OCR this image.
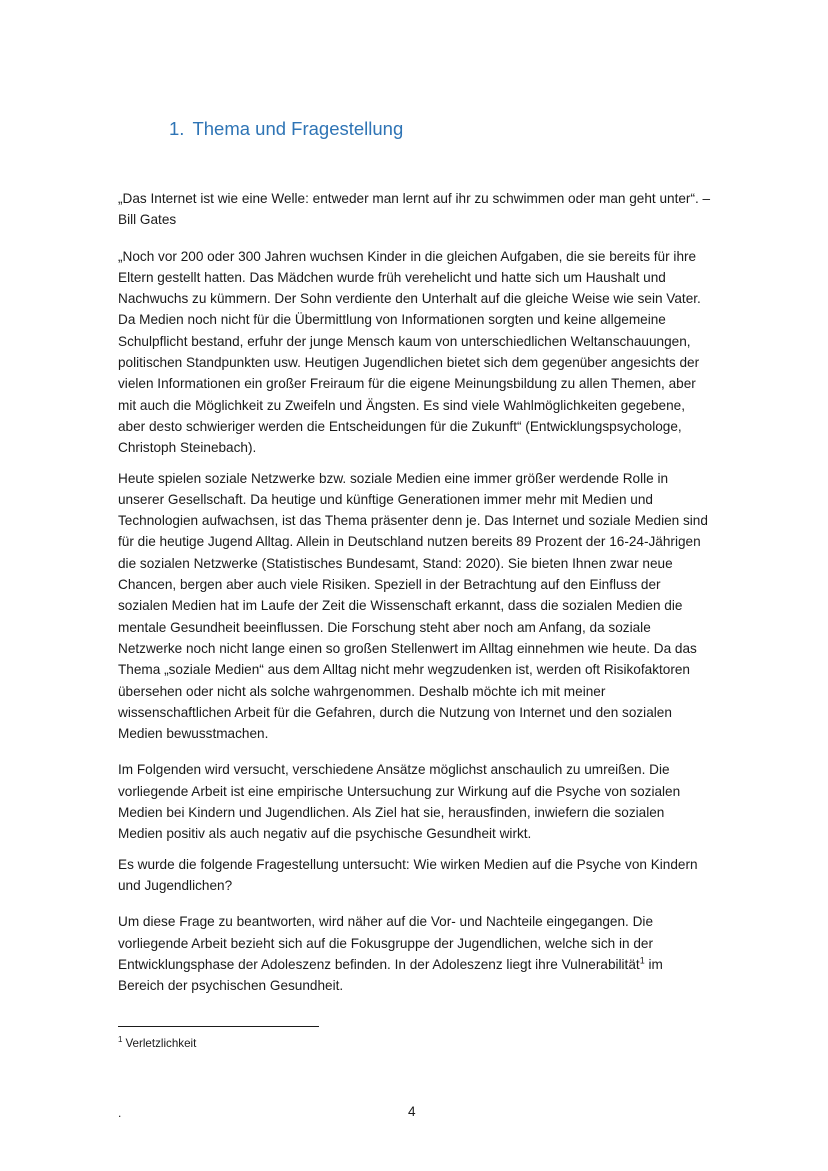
1. Thema und Fragestellung

„Das Internet ist wie eine Welle: entweder man lernt auf ihr zu schwimmen oder man geht unter“. – Bill Gates

„Noch vor 200 oder 300 Jahren wuchsen Kinder in die gleichen Aufgaben, die sie bereits für ihre Eltern gestellt hatten. Das Mädchen wurde früh verehelicht und hatte sich um Haushalt und Nachwuchs zu kümmern. Der Sohn verdiente den Unterhalt auf die gleiche Weise wie sein Vater. Da Medien noch nicht für die Übermittlung von Informationen sorgten und keine allgemeine Schulpflicht bestand, erfuhr der junge Mensch kaum von unterschiedlichen Weltanschauungen, politischen Standpunkten usw. Heutigen Jugendlichen bietet sich dem gegenüber angesichts der vielen Informationen ein großer Freiraum für die eigene Meinungsbildung zu allen Themen, aber mit auch die Möglichkeit zu Zweifeln und Ängsten. Es sind viele Wahlmöglichkeiten gegebene, aber desto schwieriger werden die Entscheidungen für die Zukunft“ (Entwicklungspsychologe, Christoph Steinebach).

Heute spielen soziale Netzwerke bzw. soziale Medien eine immer größer werdende Rolle in unserer Gesellschaft. Da heutige und künftige Generationen immer mehr mit Medien und Technologien aufwachsen, ist das Thema präsenter denn je. Das Internet und soziale Medien sind für die heutige Jugend Alltag. Allein in Deutschland nutzen bereits 89 Prozent der 16-24-Jährigen die sozialen Netzwerke (Statistisches Bundesamt, Stand: 2020). Sie bieten Ihnen zwar neue Chancen, bergen aber auch viele Risiken. Speziell in der Betrachtung auf den Einfluss der sozialen Medien hat im Laufe der Zeit die Wissenschaft erkannt, dass die sozialen Medien die mentale Gesundheit beeinflussen. Die Forschung steht aber noch am Anfang, da soziale Netzwerke noch nicht lange einen so großen Stellenwert im Alltag einnehmen wie heute. Da das Thema „soziale Medien“ aus dem Alltag nicht mehr wegzudenken ist, werden oft Risikofaktoren übersehen oder nicht als solche wahrgenommen. Deshalb möchte ich mit meiner wissenschaftlichen Arbeit für die Gefahren, durch die Nutzung von Internet und den sozialen Medien bewusstmachen.

Im Folgenden wird versucht, verschiedene Ansätze möglichst anschaulich zu umreißen. Die vorliegende Arbeit ist eine empirische Untersuchung zur Wirkung auf die Psyche von sozialen Medien bei Kindern und Jugendlichen. Als Ziel hat sie, herausfinden, inwiefern die sozialen Medien positiv als auch negativ auf die psychische Gesundheit wirkt.

Es wurde die folgende Fragestellung untersucht: Wie wirken Medien auf die Psyche von Kindern und Jugendlichen?

Um diese Frage zu beantworten, wird näher auf die Vor- und Nachteile eingegangen. Die vorliegende Arbeit bezieht sich auf die Fokusgruppe der Jugendlichen, welche sich in der Entwicklungsphase der Adoleszenz befinden. In der Adoleszenz liegt ihre Vulnerabilität$^1$ im Bereich der psychischen Gesundheit.

$^1$ Verletzlichkeit
.	4
